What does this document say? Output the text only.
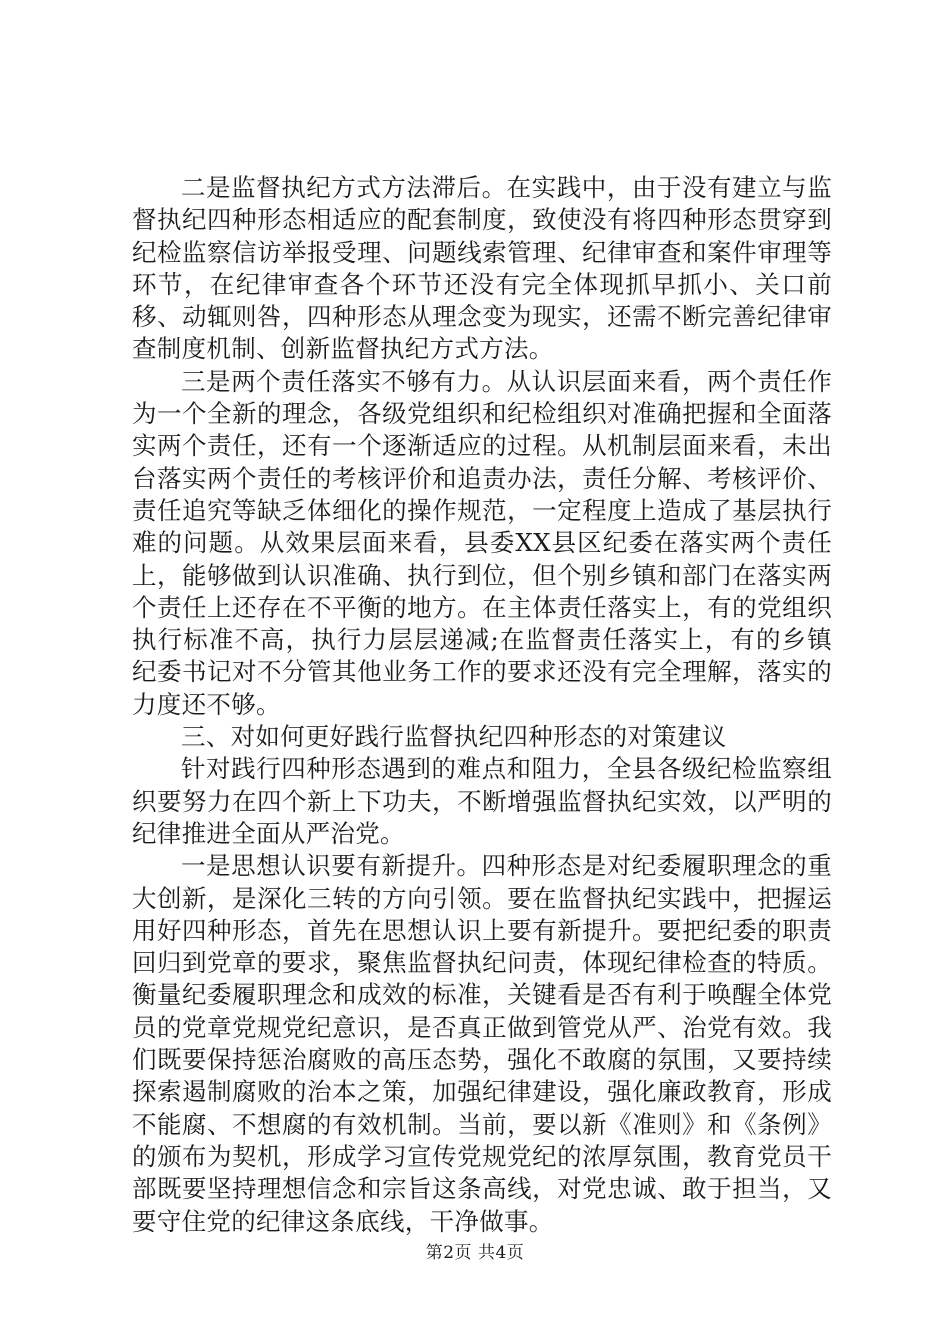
二是监督执纪方式方法滞后。在实践中，由于没有建立与监督执纪四种形态相适应的配套制度，致使没有将四种形态贯穿到纪检监察信访举报受理、问题线索管理、纪律审查和案件审理等环节，在纪律审查各个环节还没有完全体现抓早抓小、关口前移、动辄则咎，四种形态从理念变为现实，还需不断完善纪律审查制度机制、创新监督执纪方式方法。

三是两个责任落实不够有力。从认识层面来看，两个责任作为一个全新的理念，各级党组织和纪检组织对准确把握和全面落实两个责任，还有一个逐渐适应的过程。从机制层面来看，未出台落实两个责任的考核评价和追责办法，责任分解、考核评价、责任追究等缺乏体细化的操作规范，一定程度上造成了基层执行难的问题。从效果层面来看，县委XX县区纪委在落实两个责任上，能够做到认识准确、执行到位，但个别乡镇和部门在落实两个责任上还存在不平衡的地方。在主体责任落实上，有的党组织执行标准不高，执行力层层递减;在监督责任落实上，有的乡镇纪委书记对不分管其他业务工作的要求还没有完全理解，落实的力度还不够。

三、对如何更好践行监督执纪四种形态的对策建议

针对践行四种形态遇到的难点和阻力，全县各级纪检监察组织要努力在四个新上下功夫，不断增强监督执纪实效，以严明的纪律推进全面从严治党。

一是思想认识要有新提升。四种形态是对纪委履职理念的重大创新，是深化三转的方向引领。要在监督执纪实践中，把握运用好四种形态，首先在思想认识上要有新提升。要把纪委的职责回归到党章的要求，聚焦监督执纪问责，体现纪律检查的特质。衡量纪委履职理念和成效的标准，关键看是否有利于唤醒全体党员的党章党规党纪意识，是否真正做到管党从严、治党有效。我们既要保持惩治腐败的高压态势，强化不敢腐的氛围，又要持续探索遏制腐败的治本之策，加强纪律建设，强化廉政教育，形成不能腐、不想腐的有效机制。当前，要以新《准则》和《条例》的颁布为契机，形成学习宣传党规党纪的浓厚氛围，教育党员干部既要坚持理想信念和宗旨这条高线，对党忠诚、敢于担当，又要守住党的纪律这条底线，干净做事。

第2页 共4页
